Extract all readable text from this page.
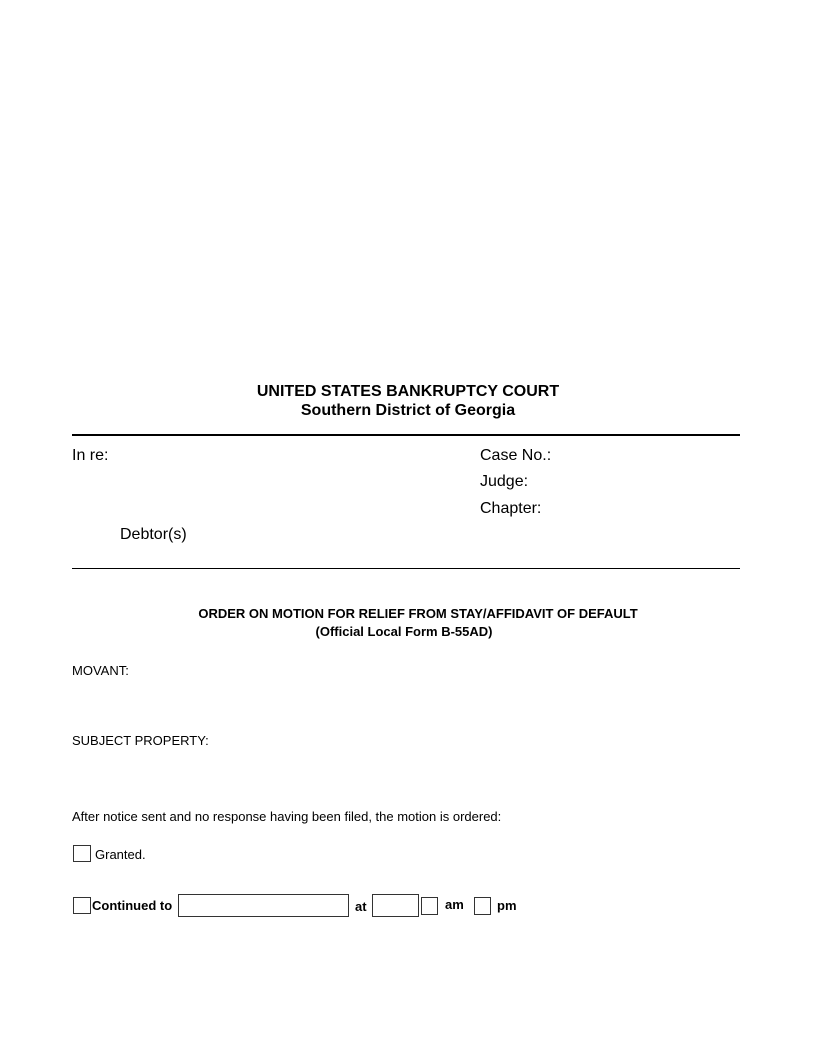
UNITED STATES BANKRUPTCY COURT
Southern District of Georgia
In re:
Debtor(s)
Case No.:
Judge:
Chapter:
ORDER ON MOTION FOR RELIEF FROM STAY/AFFIDAVIT OF DEFAULT
(Official Local Form B-55AD)
MOVANT:
SUBJECT PROPERTY:
After notice sent and no response having been filed, the motion is ordered:
Granted.
Continued to	at	am	pm
